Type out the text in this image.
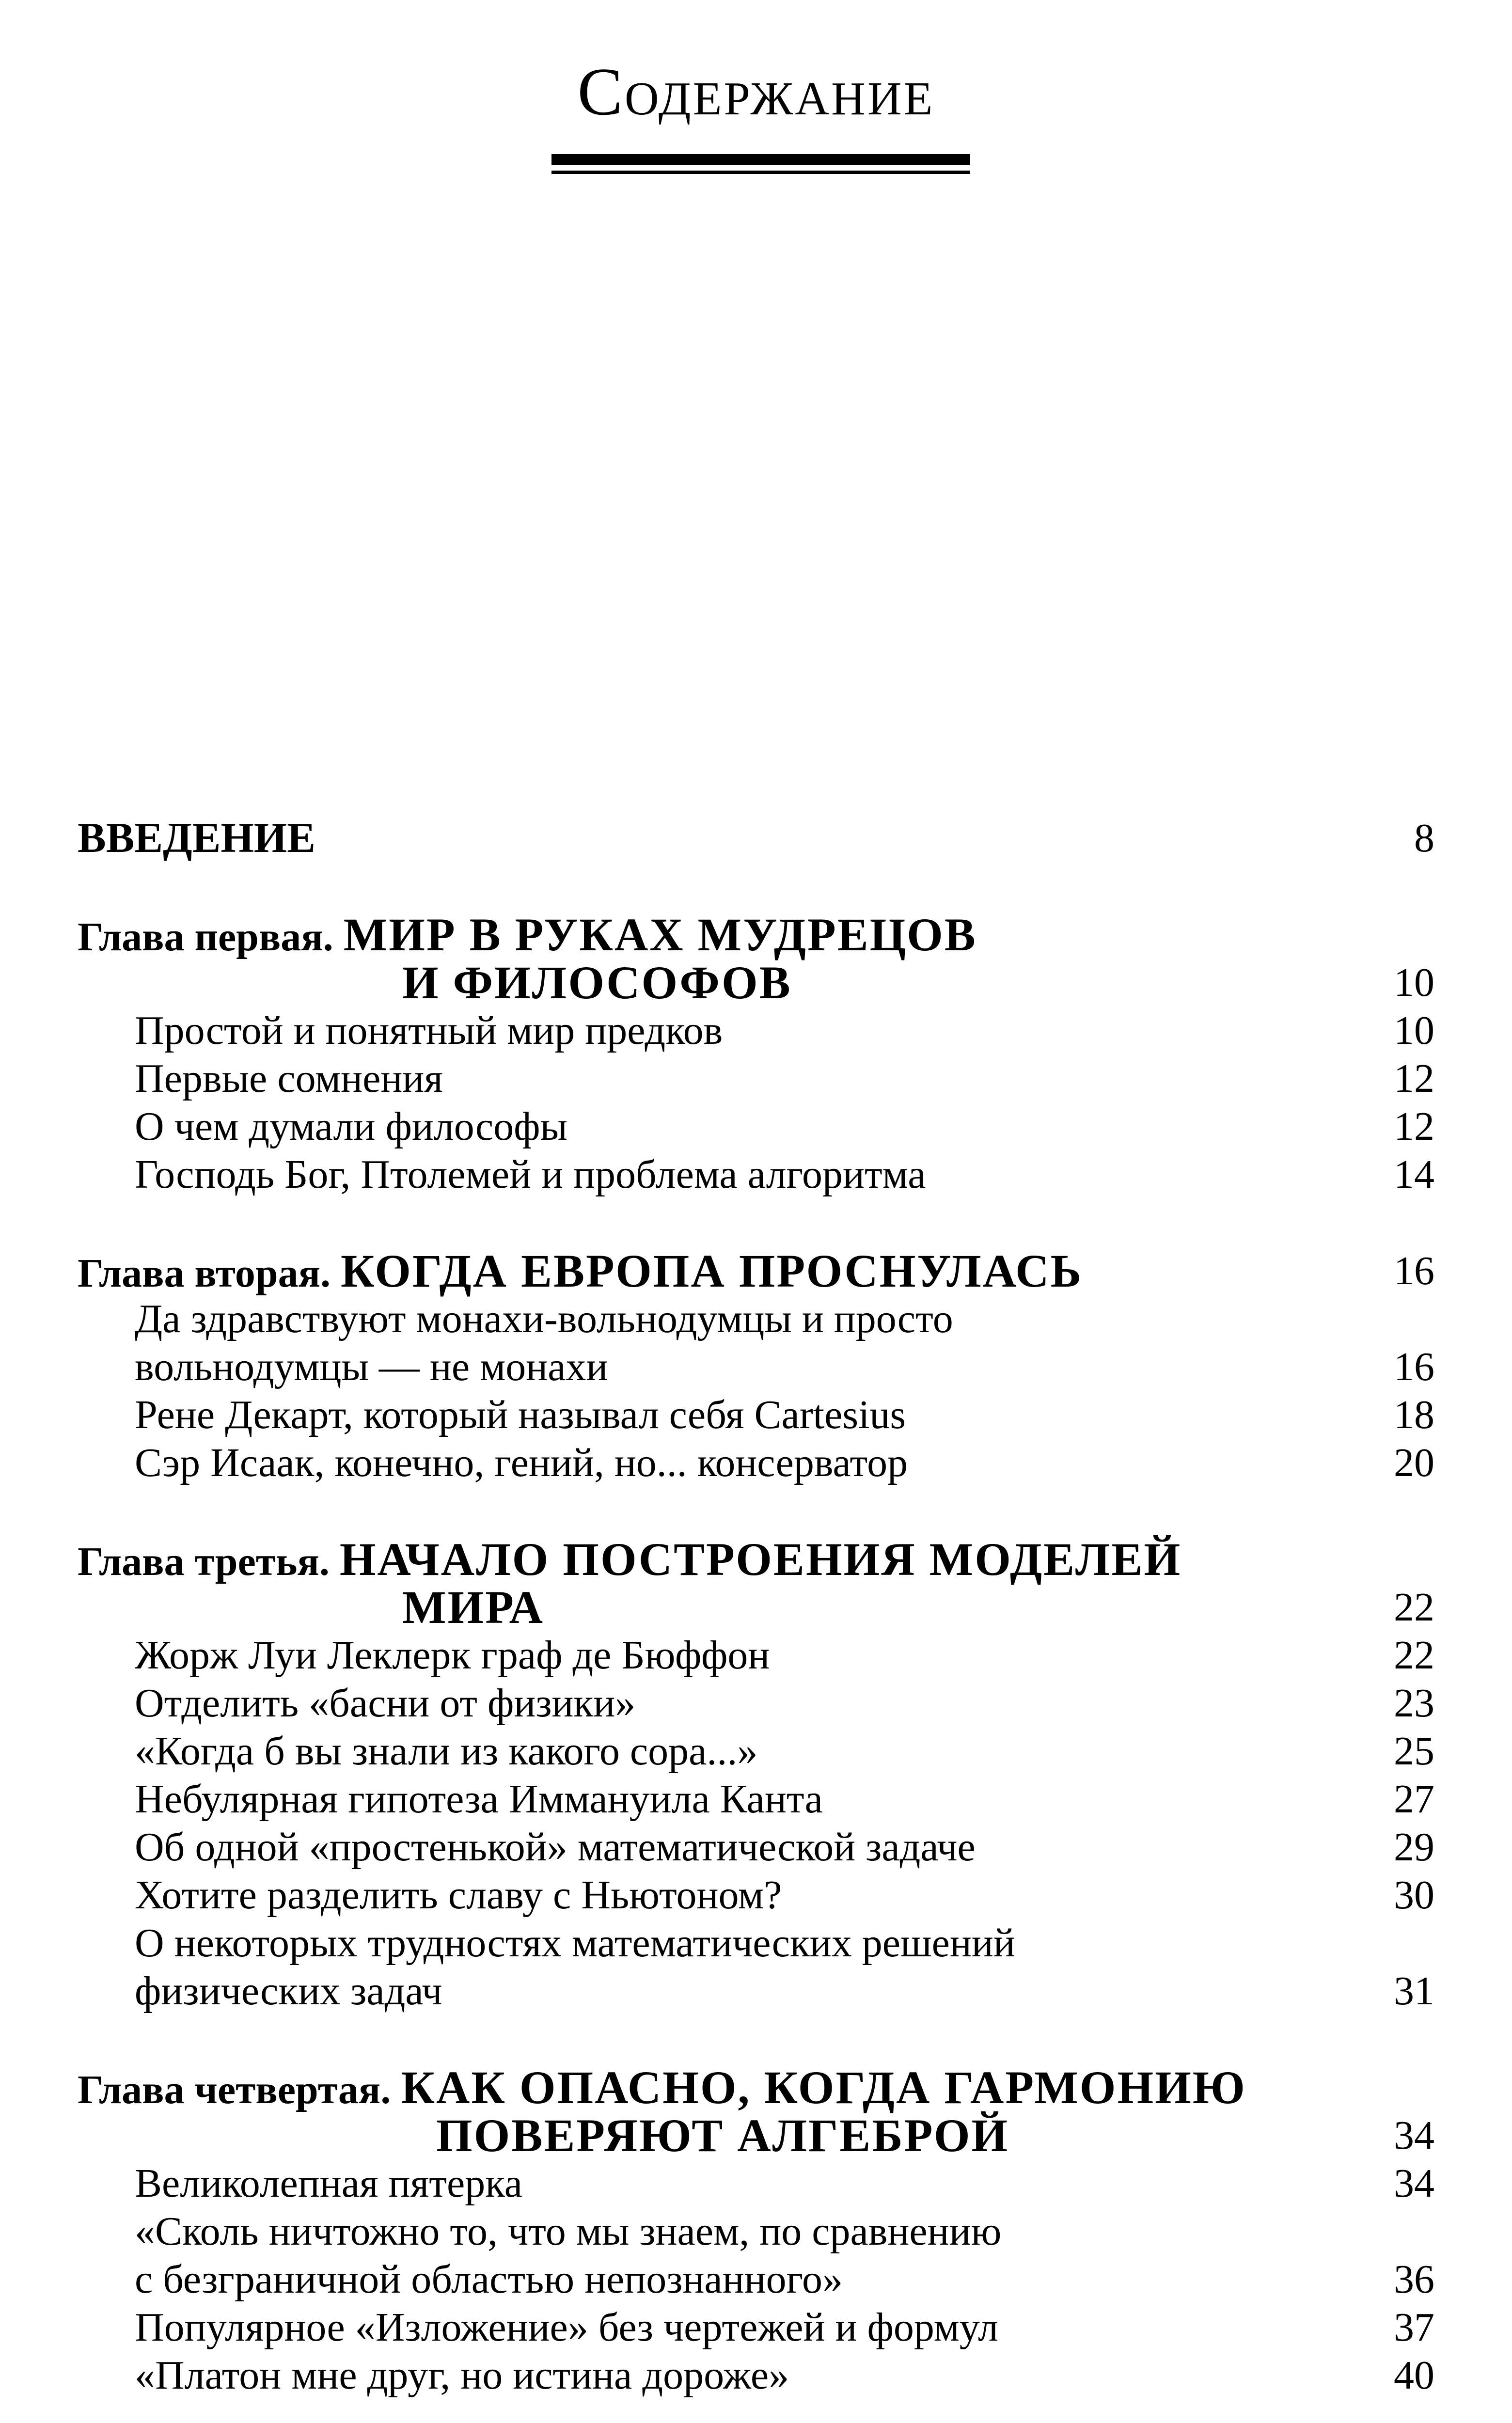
Содержание
ВВЕДЕНИЕ	8
Глава первая. МИР В РУКАХ МУДРЕЦОВ
И ФИЛОСОФОВ	10
Простой и понятный мир предков	10
Первые сомнения	12
О чем думали философы	12
Господь Бог, Птолемей и проблема алгоритма	14
Глава вторая. КОГДА ЕВРОПА ПРОСНУЛАСЬ	16
Да здравствуют монахи-вольнодумцы и просто
вольнодумцы — не монахи	16
Рене Декарт, который называл себя Cartesius	18
Сэр Исаак, конечно, гений, но... консерватор	20
Глава третья. НАЧАЛО ПОСТРОЕНИЯ МОДЕЛЕЙ
МИРА	22
Жорж Луи Леклерк граф де Бюффон	22
Отделить «басни от физики»	23
«Когда б вы знали из какого сора...»	25
Небулярная гипотеза Иммануила Канта	27
Об одной «простенькой» математической задаче	29
Хотите разделить славу с Ньютоном?	30
О некоторых трудностях математических решений
физических задач	31
Глава четвертая. КАК ОПАСНО, КОГДА ГАРМОНИЮ
ПОВЕРЯЮТ АЛГЕБРОЙ	34
Великолепная пятерка	34
«Сколь ничтожно то, что мы знаем, по сравнению
с безграничной областью непознанного»	36
Популярное «Изложение» без чертежей и формул	37
«Платон мне друг, но истина дороже»	40
